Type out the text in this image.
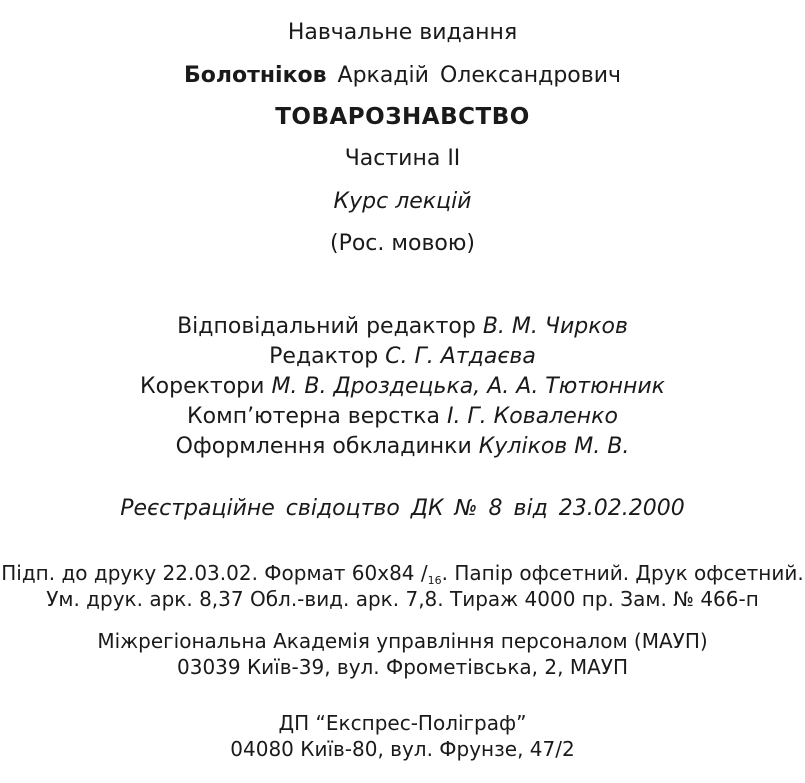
Навчальне видання
Болотніков Аркадій Олександрович
ТОВАРОЗНАВСТВО
Частина II
Курс лекцій
(Рос. мовою)
Відповідальний редактор В. М. Чирков
Редактор С. Г. Атдаєва
Коректори М. В. Дроздецька, А. А. Тютюнник
Комп’ютерна верстка І. Г. Коваленко
Оформлення обкладинки Куліков М. В.
Реєстраційне свідоцтво ДК № 8 від 23.02.2000
Підп. до друку 22.03.02. Формат 60х84 $/_{16}$. Папір офсетний. Друк офсетний.
Ум. друк. арк. 8,37 Обл.-вид. арк. 7,8. Тираж 4000 пр. Зам. № 466-п
Міжрегіональна Академія управління персоналом (МАУП)
03039 Київ-39, вул. Фрометівська, 2, МАУП
ДП “Експрес-Поліграф”
04080 Київ-80, вул. Фрунзе, 47/2
